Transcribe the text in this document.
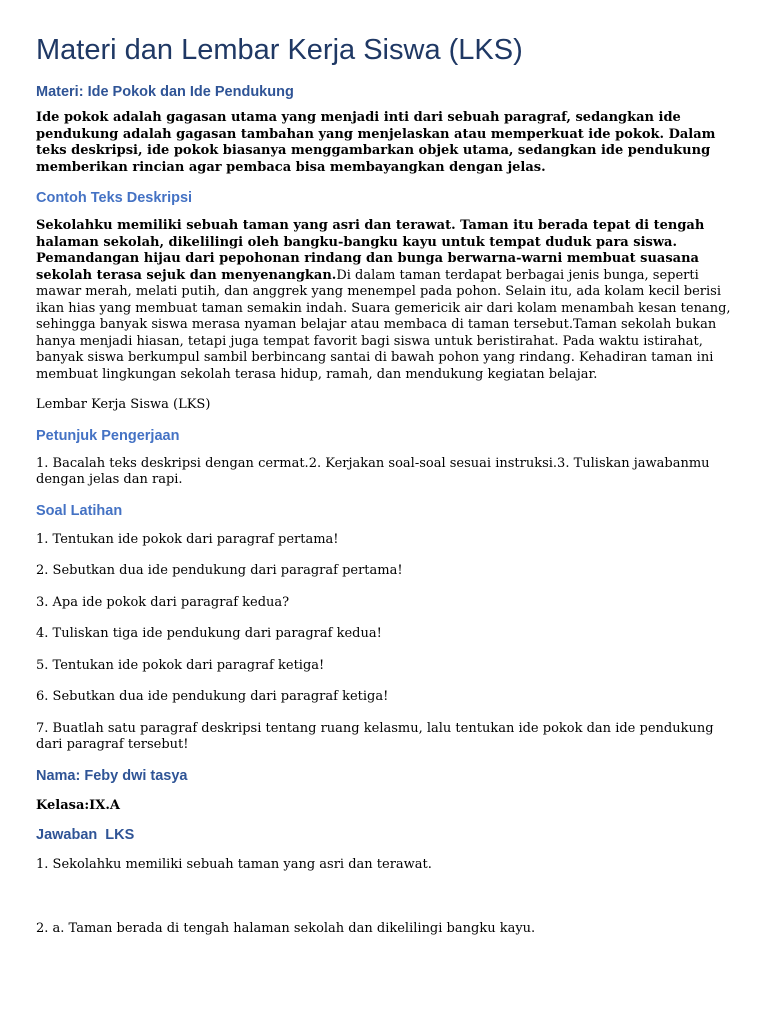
Materi dan Lembar Kerja Siswa (LKS)
Materi: Ide Pokok dan Ide Pendukung

Ide pokok adalah gagasan utama yang menjadi inti dari sebuah paragraf, sedangkan ide pendukung adalah gagasan tambahan yang menjelaskan atau memperkuat ide pokok. Dalam teks deskripsi, ide pokok biasanya menggambarkan objek utama, sedangkan ide pendukung memberikan rincian agar pembaca bisa membayangkan dengan jelas.

Contoh Teks Deskripsi

Sekolahku memiliki sebuah taman yang asri dan terawat. Taman itu berada tepat di tengah halaman sekolah, dikelilingi oleh bangku-bangku kayu untuk tempat duduk para siswa. Pemandangan hijau dari pepohonan rindang dan bunga berwarna-warni membuat suasana sekolah terasa sejuk dan menyenangkan.Di dalam taman terdapat berbagai jenis bunga, seperti mawar merah, melati putih, dan anggrek yang menempel pada pohon. Selain itu, ada kolam kecil berisi ikan hias yang membuat taman semakin indah. Suara gemericik air dari kolam menambah kesan tenang, sehingga banyak siswa merasa nyaman belajar atau membaca di taman tersebut.Taman sekolah bukan hanya menjadi hiasan, tetapi juga tempat favorit bagi siswa untuk beristirahat. Pada waktu istirahat, banyak siswa berkumpul sambil berbincang santai di bawah pohon yang rindang. Kehadiran taman ini membuat lingkungan sekolah terasa hidup, ramah, dan mendukung kegiatan belajar.

Lembar Kerja Siswa (LKS)

Petunjuk Pengerjaan

1. Bacalah teks deskripsi dengan cermat.2. Kerjakan soal-soal sesuai instruksi.3. Tuliskan jawabanmu dengan jelas dan rapi.

Soal Latihan

1. Tentukan ide pokok dari paragraf pertama!

2. Sebutkan dua ide pendukung dari paragraf pertama!

3. Apa ide pokok dari paragraf kedua?

4. Tuliskan tiga ide pendukung dari paragraf kedua!

5. Tentukan ide pokok dari paragraf ketiga!

6. Sebutkan dua ide pendukung dari paragraf ketiga!

7. Buatlah satu paragraf deskripsi tentang ruang kelasmu, lalu tentukan ide pokok dan ide pendukung dari paragraf tersebut!

Nama: Feby dwi tasya

Kelasa:IX.A

Jawaban  LKS

1. Sekolahku memiliki sebuah taman yang asri dan terawat.

2. a. Taman berada di tengah halaman sekolah dan dikelilingi bangku kayu.
